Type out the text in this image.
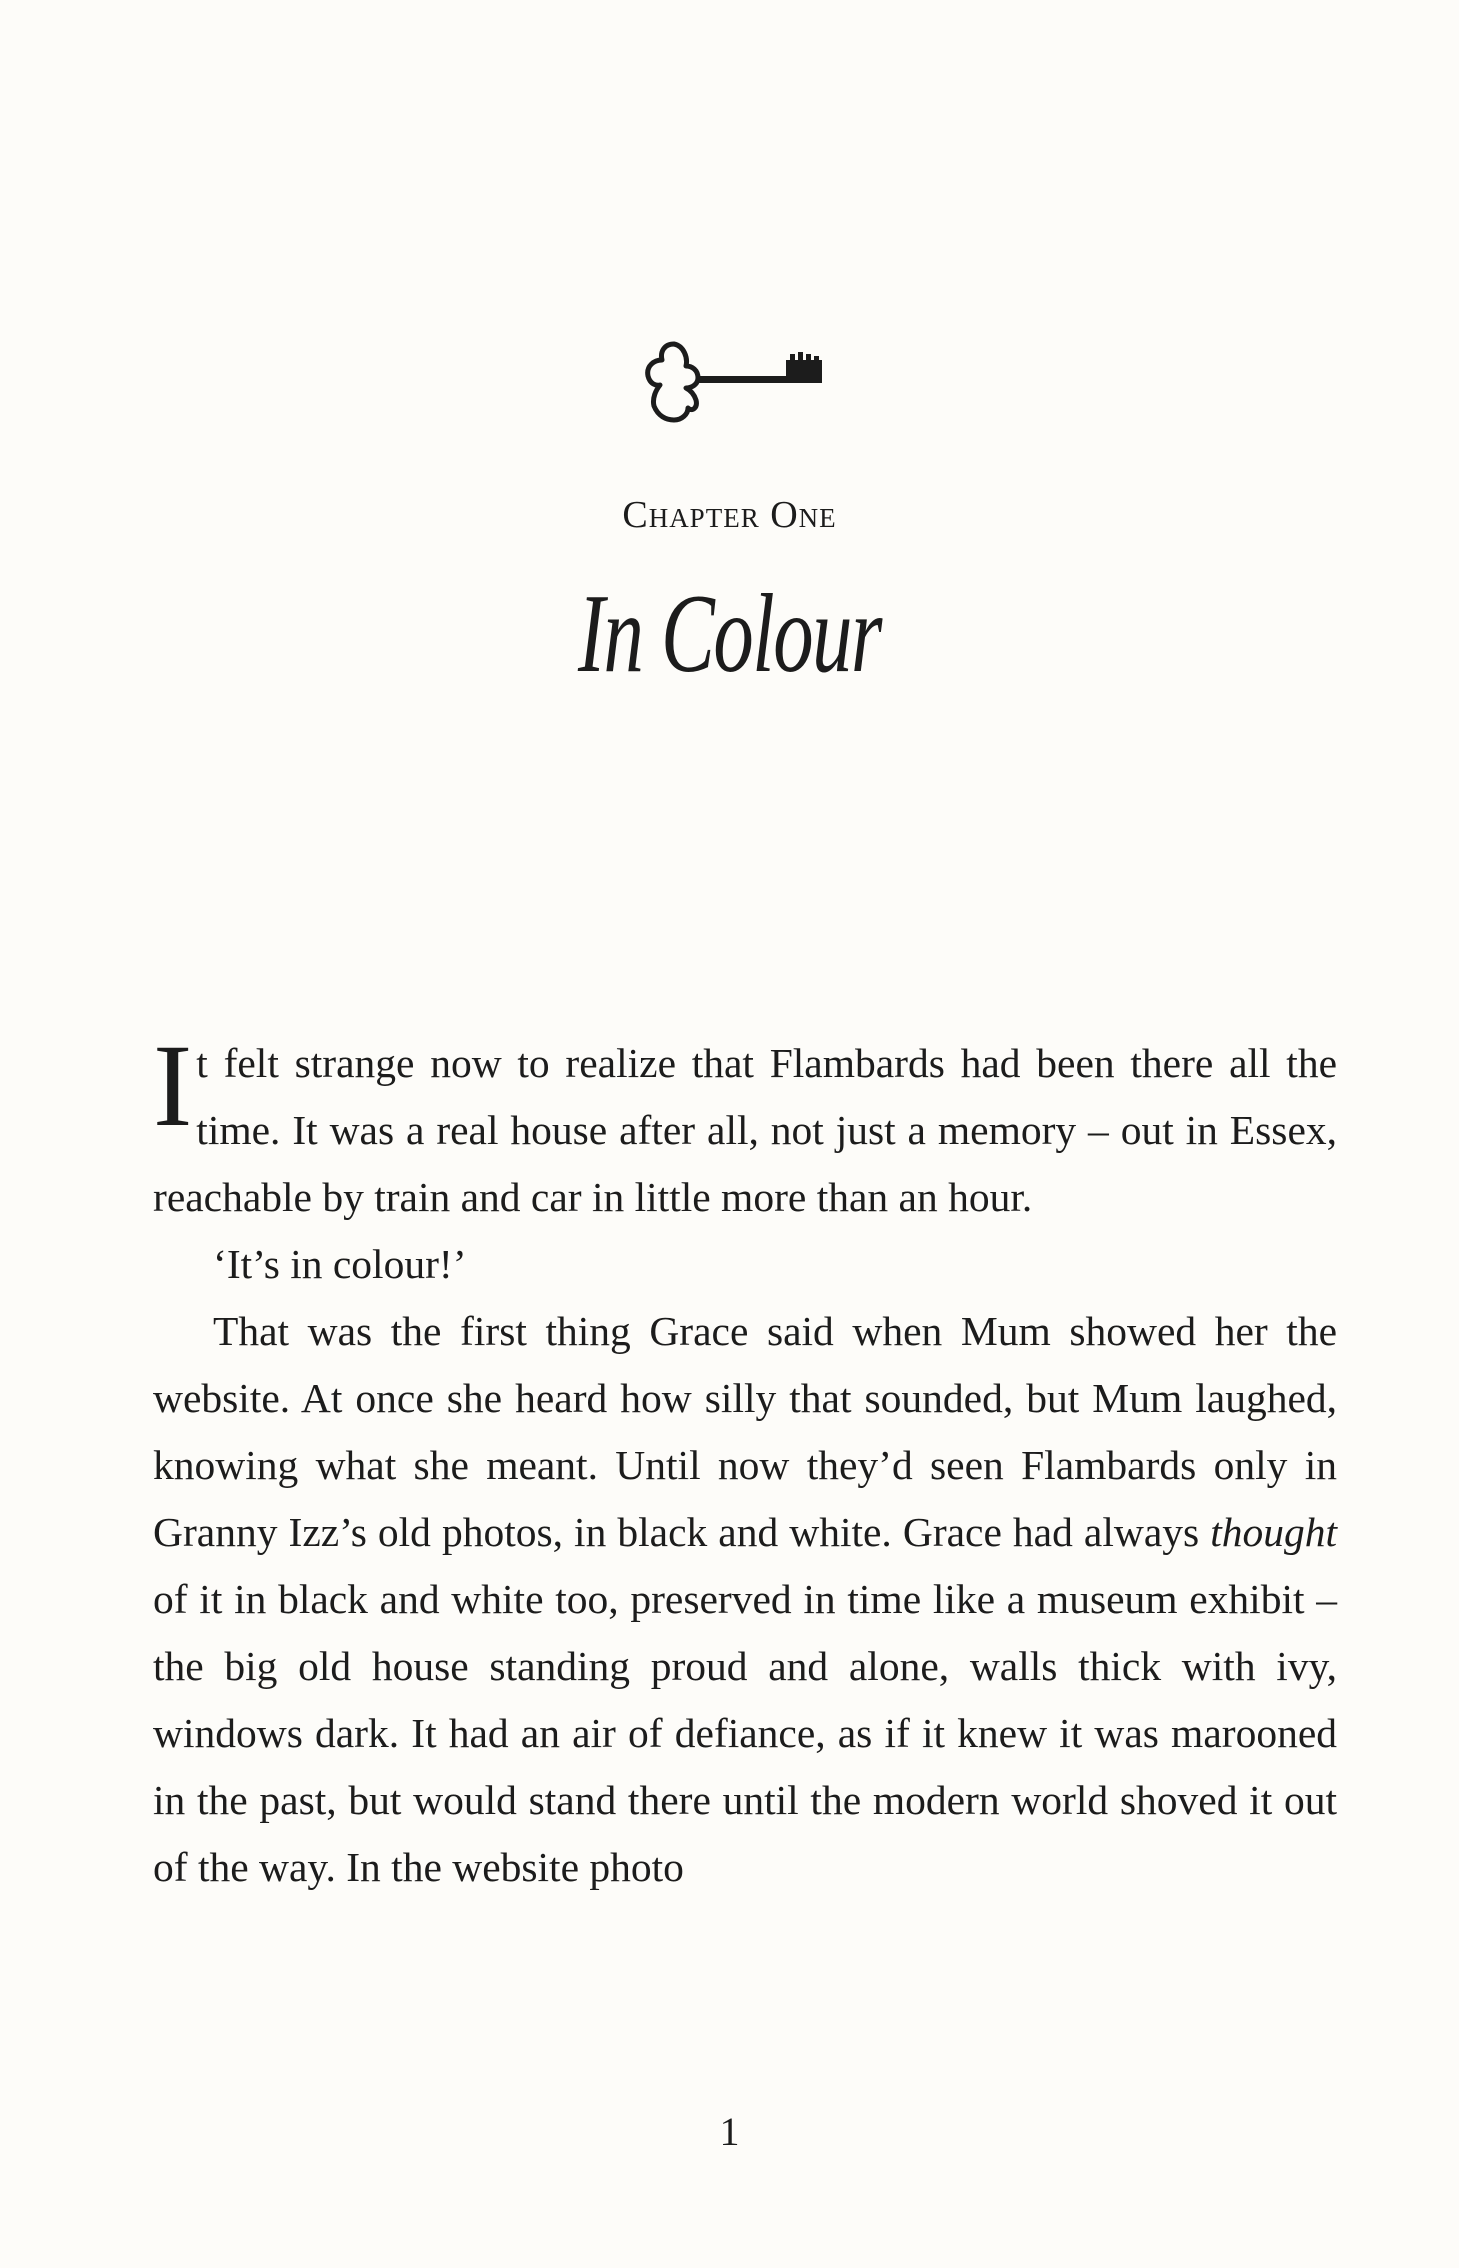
Chapter One
In Colour

It felt strange now to realize that Flambards had been there all the time. It was a real house after all, not just a memory – out in Essex, reachable by train and car in little more than an hour.

‘It’s in colour!’

That was the first thing Grace said when Mum showed her the website. At once she heard how silly that sounded, but Mum laughed, knowing what she meant. Until now they’d seen Flambards only in Granny Izz’s old photos, in black and white. Grace had always thought of it in black and white too, preserved in time like a museum exhibit – the big old house standing proud and alone, walls thick with ivy, windows dark. It had an air of defiance, as if it knew it was marooned in the past, but would stand there until the modern world shoved it out of the way. In the website photo

1
